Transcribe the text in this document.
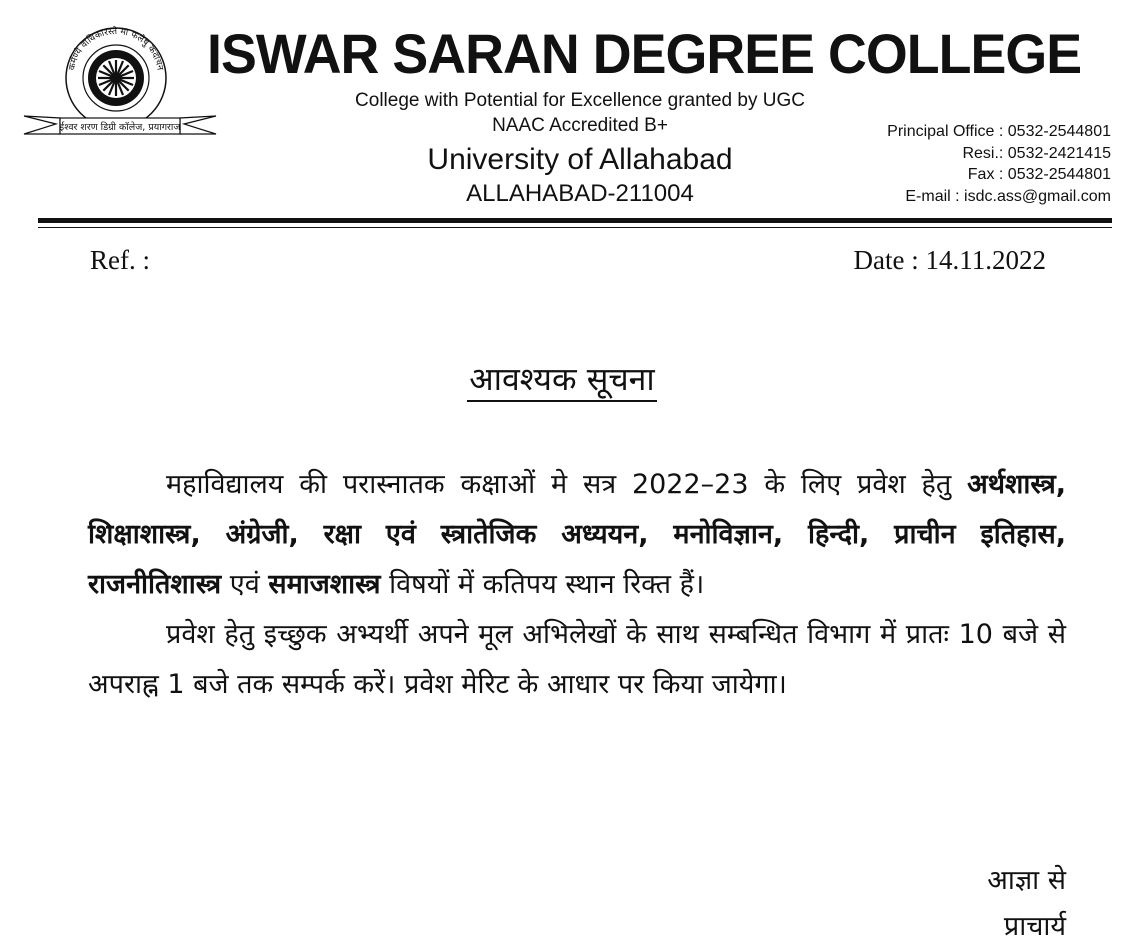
कर्मण्ये वाधिकारस्ते मा फलेषु कदाचन
ईश्वर शरण डिग्री कॉलेज, प्रयागराज
ISWAR SARAN DEGREE COLLEGE
College with Potential for Excellence granted by UGC
NAAC Accredited B+
University of Allahabad
ALLAHABAD-211004
Principal Office : 0532-2544801
Resi.: 0532-2421415
Fax : 0532-2544801
E-mail : isdc.ass@gmail.com
Ref. :	Date : 14.11.2022
आवश्यक सूचना

महाविद्यालय की परास्नातक कक्षाओं मे सत्र 2022–23 के लिए प्रवेश हेतु अर्थशास्त्र, शिक्षाशास्त्र, अंग्रेजी, रक्षा एवं स्त्रातेजिक अध्ययन, मनोविज्ञान, हिन्दी, प्राचीन इतिहास, राजनीतिशास्त्र एवं समाजशास्त्र विषयों में कतिपय स्थान रिक्त हैं।

प्रवेश हेतु इच्छुक अभ्यर्थी अपने मूल अभिलेखों के साथ सम्बन्धित विभाग में प्रातः 10 बजे से अपराह्न 1 बजे तक सम्पर्क करें। प्रवेश मेरिट के आधार पर किया जायेगा।

आज्ञा से
प्राचार्य
